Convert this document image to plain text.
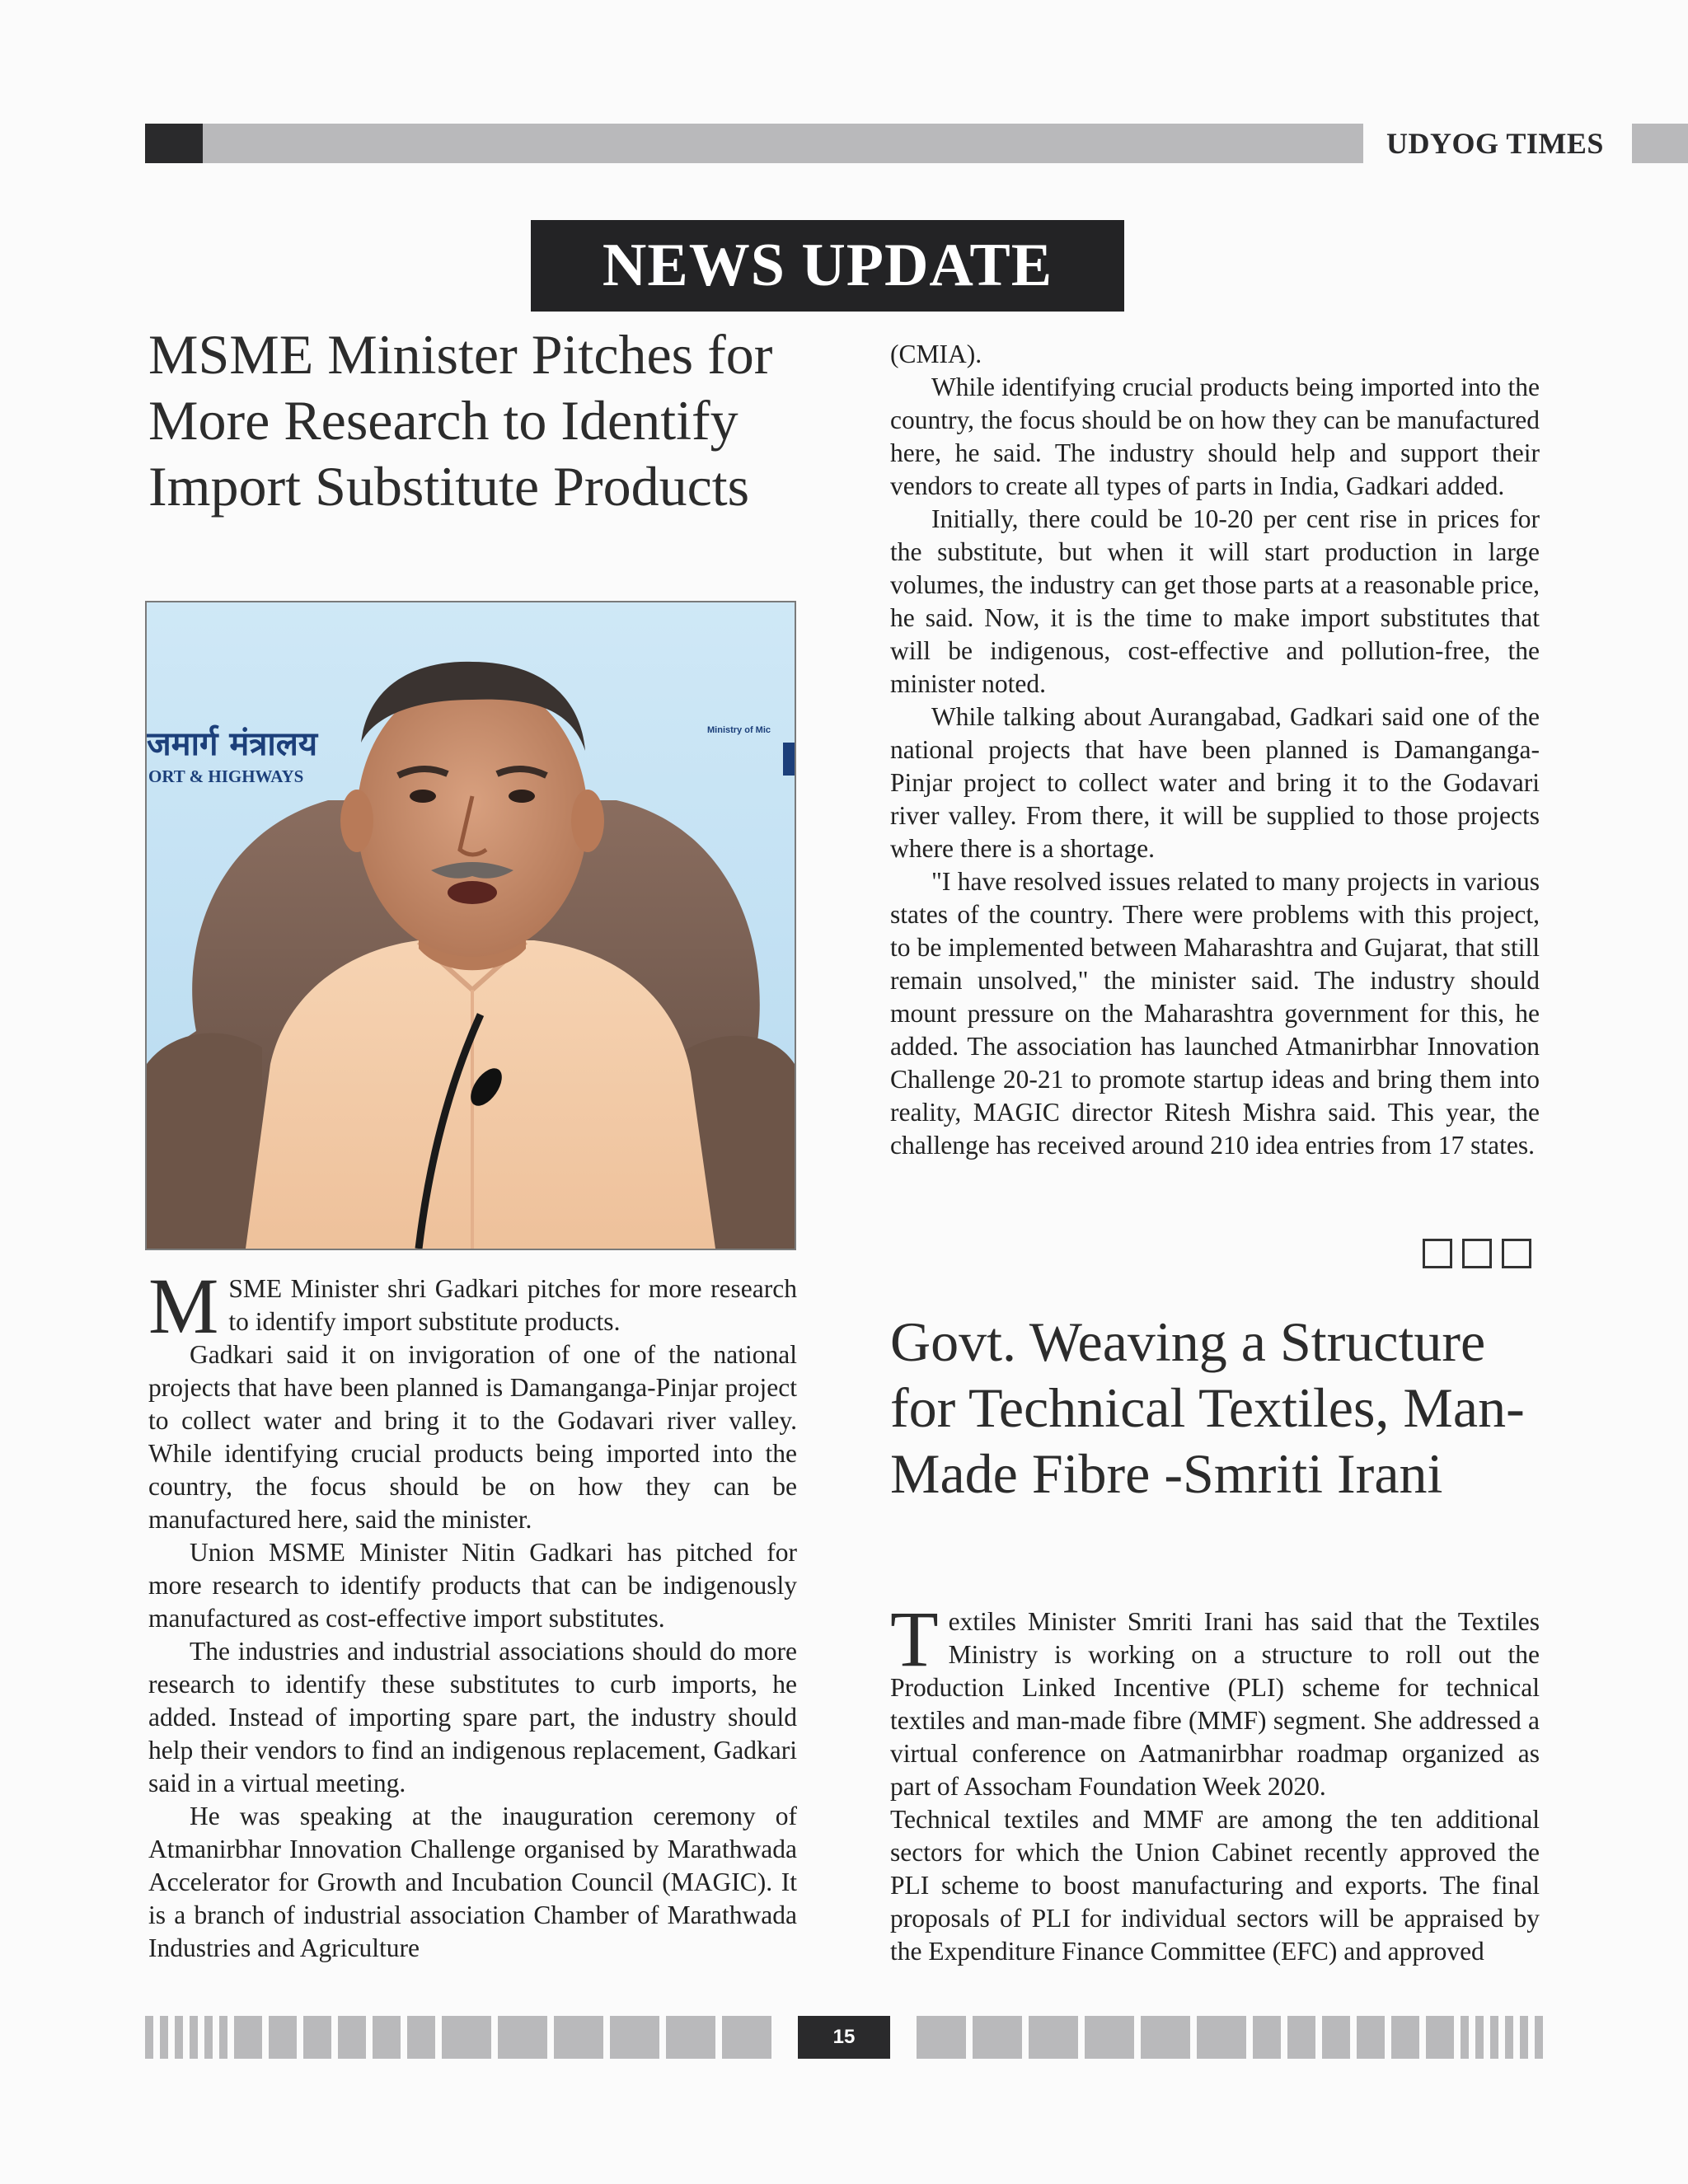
UDYOG TIMES
NEWS UPDATE
MSME Minister Pitches for More Research to Identify Import Substitute Products
जमार्ग मंत्रालय
ORT & HIGHWAYS
Ministry of Mic

MSME Minister shri Gadkari pitches for more research to identify import substitute products.

Gadkari said it on invigoration of one of the national projects that have been planned is Damanganga-Pinjar project to collect water and bring it to the Godavari river valley. While identifying crucial products being imported into the country, the focus should be on how they can be manufactured here, said the minister.

Union MSME Minister Nitin Gadkari has pitched for more research to identify products that can be indigenously manufactured as cost-effective import substitutes.

The industries and industrial associations should do more research to identify these substitutes to curb imports, he added. Instead of importing spare part, the industry should help their vendors to find an indigenous replacement, Gadkari said in a virtual meeting.

He was speaking at the inauguration ceremony of Atmanirbhar Innovation Challenge organised by Marathwada Accelerator for Growth and Incubation Council (MAGIC). It is a branch of industrial association Chamber of Marathwada Industries and Agriculture

(CMIA).

While identifying crucial products being imported into the country, the focus should be on how they can be manufactured here, he said. The industry should help and support their vendors to create all types of parts in India, Gadkari added.

Initially, there could be 10-20 per cent rise in prices for the substitute, but when it will start production in large volumes, the industry can get those parts at a reasonable price, he said. Now, it is the time to make import substitutes that will be indigenous, cost-effective and pollution-free, the minister noted.

While talking about Aurangabad, Gadkari said one of the national projects that have been planned is Damanganga-Pinjar project to collect water and bring it to the Godavari river valley. From there, it will be supplied to those projects where there is a shortage.

"I have resolved issues related to many projects in various states of the country. There were problems with this project, to be implemented between Maharashtra and Gujarat, that still remain unsolved," the minister said. The industry should mount pressure on the Maharashtra government for this, he added. The association has launched Atmanirbhar Innovation Challenge 20-21 to promote startup ideas and bring them into reality, MAGIC director Ritesh Mishra said. This year, the challenge has received around 210 idea entries from 17 states.

Govt. Weaving a Structure for Technical Textiles, Man-Made Fibre -Smriti Irani

Textiles Minister Smriti Irani has said that the Textiles Ministry is working on a structure to roll out the Production Linked Incentive (PLI) scheme for technical textiles and man-made fibre (MMF) segment. She addressed a virtual conference on Aatmanirbhar roadmap organized as part of Assocham Foundation Week 2020.

Technical textiles and MMF are among the ten additional sectors for which the Union Cabinet recently approved the PLI scheme to boost manufacturing and exports. The final proposals of PLI for individual sectors will be appraised by the Expenditure Finance Committee (EFC) and approved

15
